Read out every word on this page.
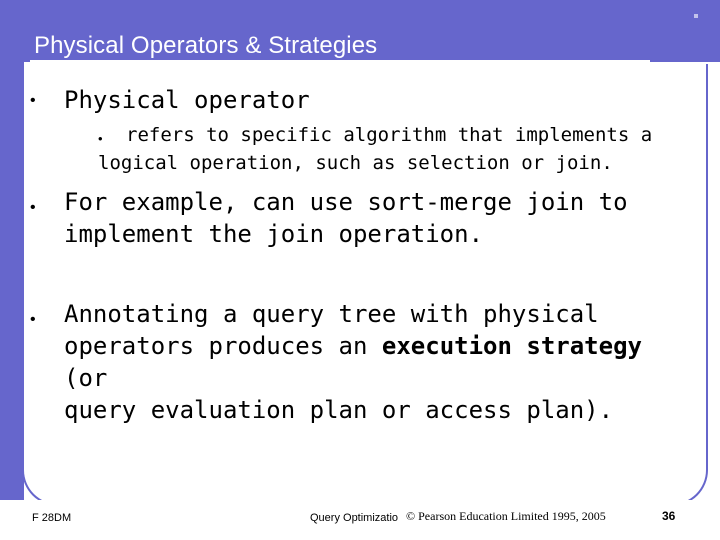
Physical Operators & Strategies
• Physical operator
•	refers to specific algorithm that implements a
logical operation, such as selection or join.
• For example, can use sort-merge join to
implement the join operation.
• Annotating a query tree with physical
operators produces an execution strategy (or
query evaluation plan or access plan).
F 28DM	Query Optimizatio © Pearson Education Limited 1995, 2005	36
